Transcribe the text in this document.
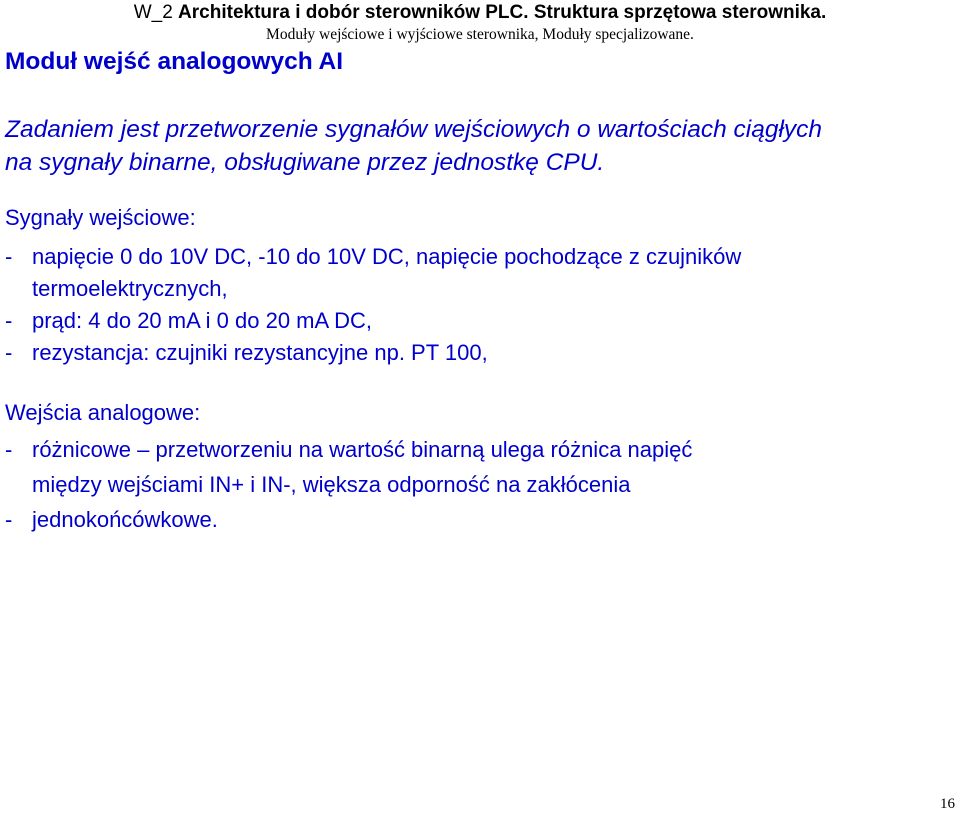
W_2 Architektura i dobór sterowników PLC. Struktura sprzętowa sterownika.
Moduły wejściowe i wyjściowe sterownika, Moduły specjalizowane.
Moduł wejść analogowych AI
Zadaniem jest przetworzenie sygnałów wejściowych o wartościach ciągłych
na sygnały binarne, obsługiwane przez jednostkę CPU.
Sygnały wejściowe:
- napięcie 0 do 10V DC, -10 do 10V DC, napięcie pochodzące z czujników
termoelektrycznych,
- prąd: 4 do 20 mA i 0 do 20 mA DC,
- rezystancja: czujniki rezystancyjne np. PT 100,
Wejścia analogowe:
- różnicowe – przetworzeniu na wartość binarną ulega różnica napięć
między wejściami IN+ i IN-, większa odporność na zakłócenia
- jednokońcówkowe.
16
